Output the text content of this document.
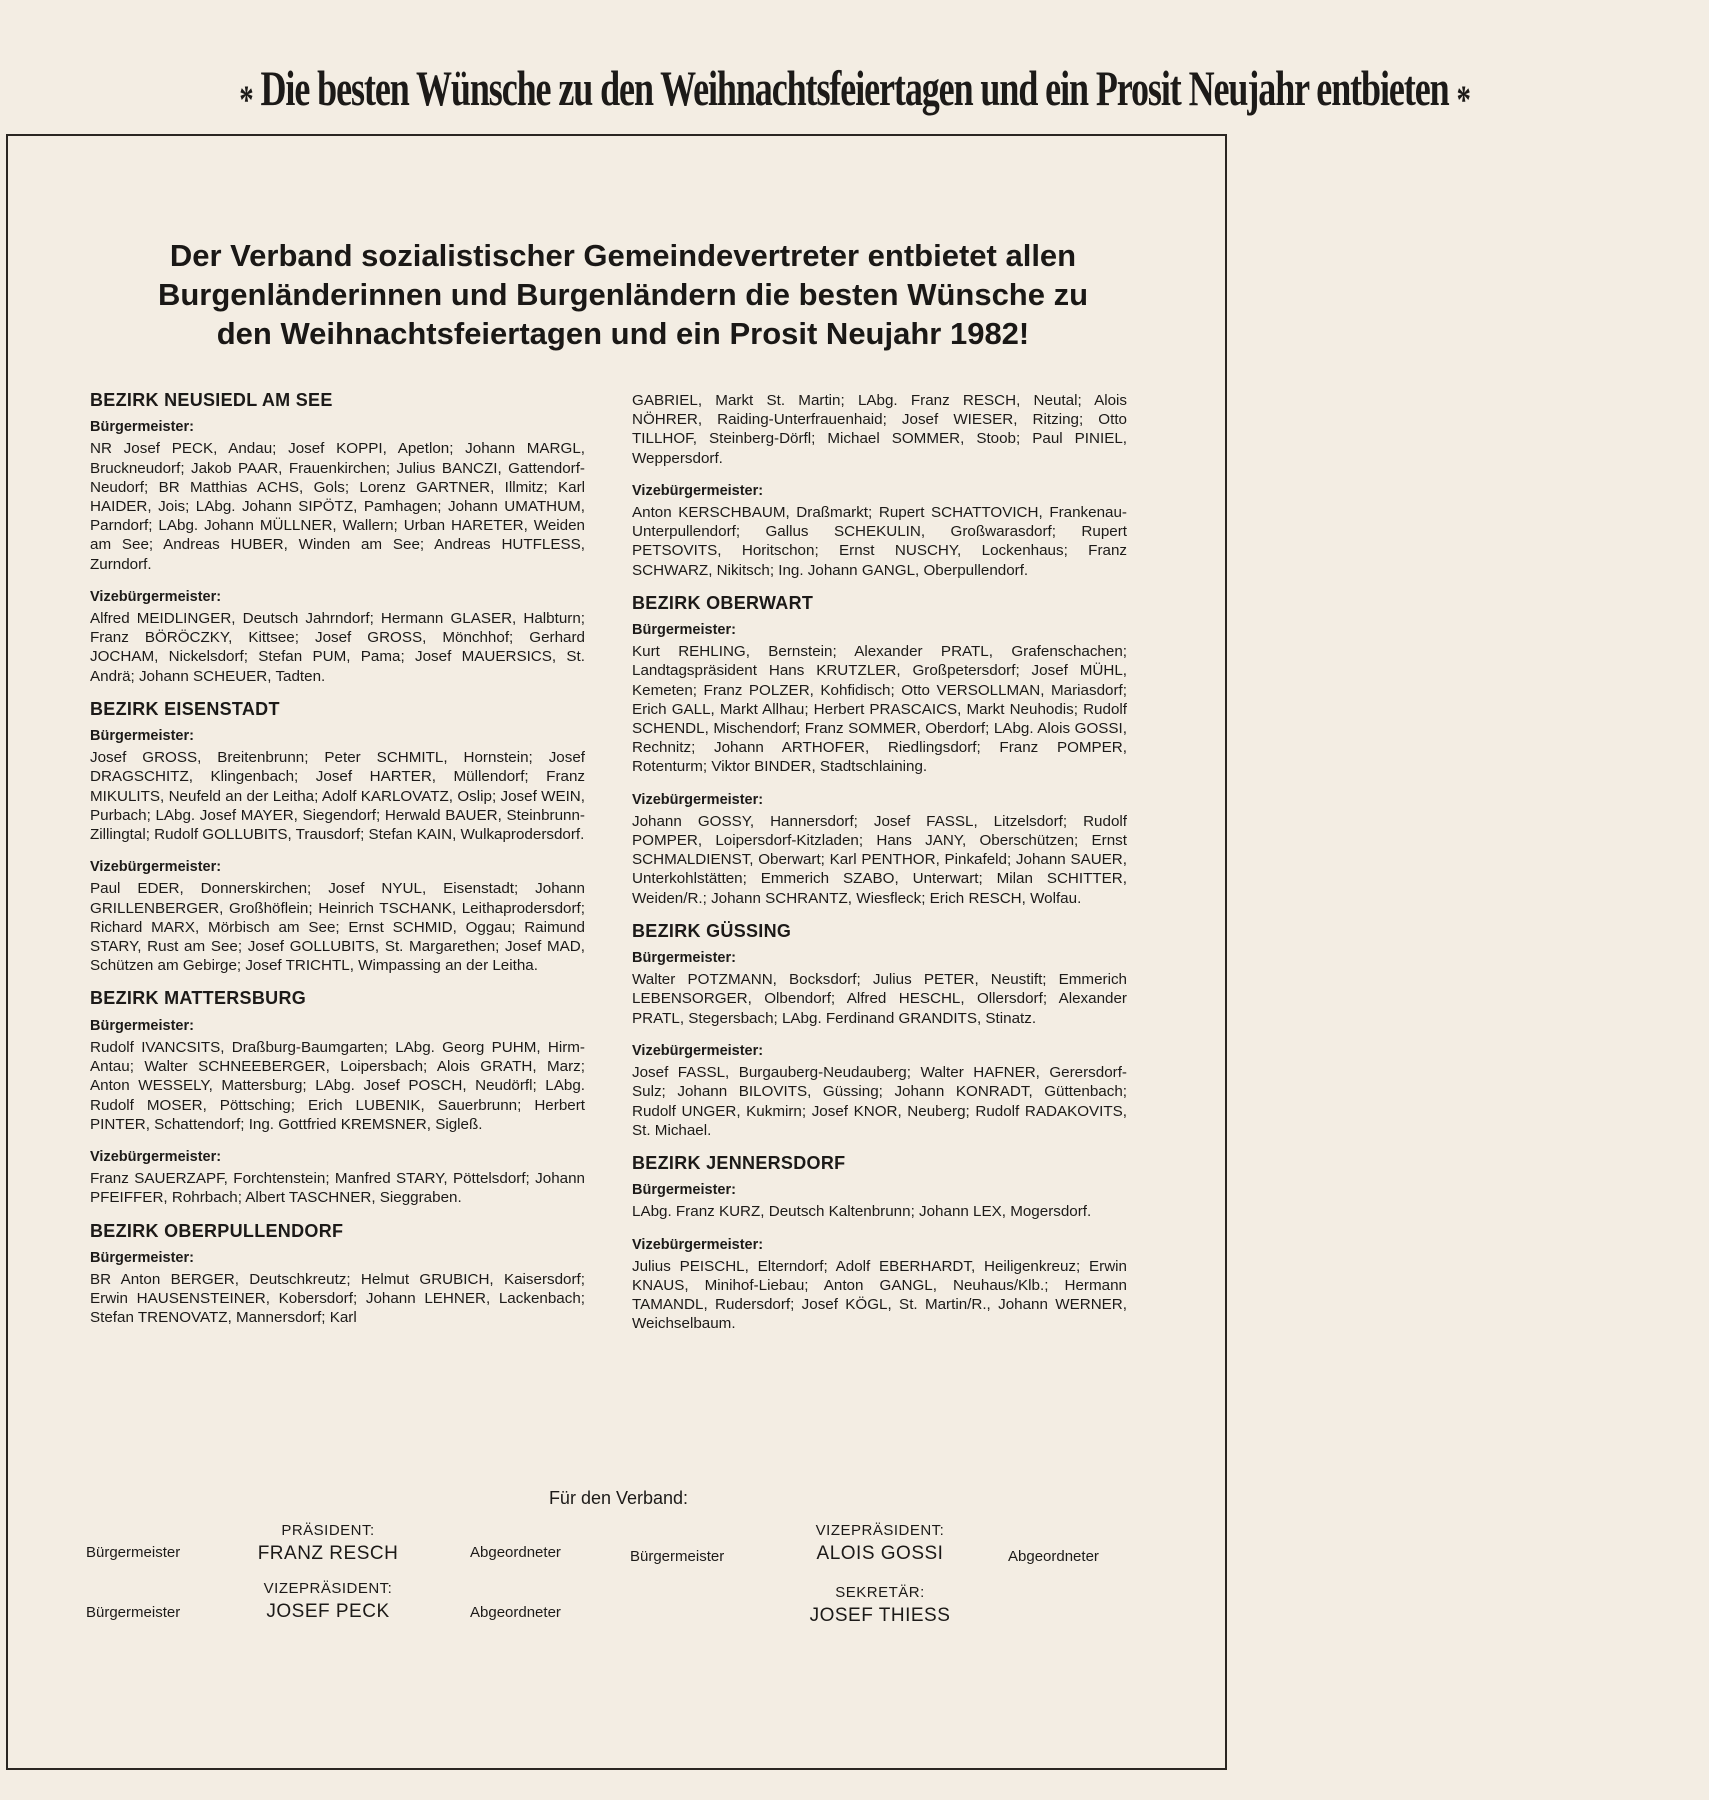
* Die besten Wünsche zu den Weihnachtsfeiertagen und ein Prosit Neujahr entbieten *
Der Verband sozialistischer Gemeindevertreter entbietet allen
Burgenländerinnen und Burgenländern die besten Wünsche zu
den Weihnachtsfeiertagen und ein Prosit Neujahr 1982!
BEZIRK NEUSIEDL AM SEE
Bürgermeister:
NR Josef PECK, Andau; Josef KOPPI, Apetlon; Johann MARGL, Bruckneudorf; Jakob PAAR, Frauenkirchen; Julius BANCZI, Gattendorf-Neudorf; BR Matthias ACHS, Gols; Lorenz GARTNER, Illmitz; Karl HAIDER, Jois; LAbg. Johann SIPÖTZ, Pamhagen; Johann UMATHUM, Parndorf; LAbg. Johann MÜLLNER, Wallern; Urban HARETER, Weiden am See; Andreas HUBER, Winden am See; Andreas HUTFLESS, Zurndorf.
Vizebürgermeister:
Alfred MEIDLINGER, Deutsch Jahrndorf; Hermann GLASER, Halbturn; Franz BÖRÖCZKY, Kittsee; Josef GROSS, Mönchhof; Gerhard JOCHAM, Nickelsdorf; Stefan PUM, Pama; Josef MAUERSICS, St. Andrä; Johann SCHEUER, Tadten.
BEZIRK EISENSTADT
Bürgermeister:
Josef GROSS, Breitenbrunn; Peter SCHMITL, Hornstein; Josef DRAGSCHITZ, Klingenbach; Josef HARTER, Müllendorf; Franz MIKULITS, Neufeld an der Leitha; Adolf KARLOVATZ, Oslip; Josef WEIN, Purbach; LAbg. Josef MAYER, Siegendorf; Herwald BAUER, Steinbrunn-Zillingtal; Rudolf GOLLUBITS, Trausdorf; Stefan KAIN, Wulkaprodersdorf.
Vizebürgermeister:
Paul EDER, Donnerskirchen; Josef NYUL, Eisenstadt; Johann GRILLENBERGER, Großhöflein; Heinrich TSCHANK, Leithaprodersdorf; Richard MARX, Mörbisch am See; Ernst SCHMID, Oggau; Raimund STARY, Rust am See; Josef GOLLUBITS, St. Margarethen; Josef MAD, Schützen am Gebirge; Josef TRICHTL, Wimpassing an der Leitha.
BEZIRK MATTERSBURG
Bürgermeister:
Rudolf IVANCSITS, Draßburg-Baumgarten; LAbg. Georg PUHM, Hirm-Antau; Walter SCHNEEBERGER, Loipersbach; Alois GRATH, Marz; Anton WESSELY, Mattersburg; LAbg. Josef POSCH, Neudörfl; LAbg. Rudolf MOSER, Pöttsching; Erich LUBENIK, Sauerbrunn; Herbert PINTER, Schattendorf; Ing. Gottfried KREMSNER, Sigleß.
Vizebürgermeister:
Franz SAUERZAPF, Forchtenstein; Manfred STARY, Pöttelsdorf; Johann PFEIFFER, Rohrbach; Albert TASCHNER, Sieggraben.
BEZIRK OBERPULLENDORF
Bürgermeister:
BR Anton BERGER, Deutschkreutz; Helmut GRUBICH, Kaisersdorf; Erwin HAUSENSTEINER, Kobersdorf; Johann LEHNER, Lackenbach; Stefan TRENOVATZ, Mannersdorf; Karl
GABRIEL, Markt St. Martin; LAbg. Franz RESCH, Neutal; Alois NÖHRER, Raiding-Unterfrauenhaid; Josef WIESER, Ritzing; Otto TILLHOF, Steinberg-Dörfl; Michael SOMMER, Stoob; Paul PINIEL, Weppersdorf.
Vizebürgermeister:
Anton KERSCHBAUM, Draßmarkt; Rupert SCHATTOVICH, Frankenau-Unterpullendorf; Gallus SCHEKULIN, Großwarasdorf; Rupert PETSOVITS, Horitschon; Ernst NUSCHY, Lockenhaus; Franz SCHWARZ, Nikitsch; Ing. Johann GANGL, Oberpullendorf.
BEZIRK OBERWART
Bürgermeister:
Kurt REHLING, Bernstein; Alexander PRATL, Grafenschachen; Landtagspräsident Hans KRUTZLER, Großpetersdorf; Josef MÜHL, Kemeten; Franz POLZER, Kohfidisch; Otto VERSOLLMAN, Mariasdorf; Erich GALL, Markt Allhau; Herbert PRASCAICS, Markt Neuhodis; Rudolf SCHENDL, Mischendorf; Franz SOMMER, Oberdorf; LAbg. Alois GOSSI, Rechnitz; Johann ARTHOFER, Riedlingsdorf; Franz POMPER, Rotenturm; Viktor BINDER, Stadtschlaining.
Vizebürgermeister:
Johann GOSSY, Hannersdorf; Josef FASSL, Litzelsdorf; Rudolf POMPER, Loipersdorf-Kitzladen; Hans JANY, Oberschützen; Ernst SCHMALDIENST, Oberwart; Karl PENTHOR, Pinkafeld; Johann SAUER, Unterkohlstätten; Emmerich SZABO, Unterwart; Milan SCHITTER, Weiden/R.; Johann SCHRANTZ, Wiesfleck; Erich RESCH, Wolfau.
BEZIRK GÜSSING
Bürgermeister:
Walter POTZMANN, Bocksdorf; Julius PETER, Neustift; Emmerich LEBENSORGER, Olbendorf; Alfred HESCHL, Ollersdorf; Alexander PRATL, Stegersbach; LAbg. Ferdinand GRANDITS, Stinatz.
Vizebürgermeister:
Josef FASSL, Burgauberg-Neudauberg; Walter HAFNER, Gerersdorf-Sulz; Johann BILOVITS, Güssing; Johann KONRADT, Güttenbach; Rudolf UNGER, Kukmirn; Josef KNOR, Neuberg; Rudolf RADAKOVITS, St. Michael.
BEZIRK JENNERSDORF
Bürgermeister:
LAbg. Franz KURZ, Deutsch Kaltenbrunn; Johann LEX, Mogersdorf.
Vizebürgermeister:
Julius PEISCHL, Elterndorf; Adolf EBERHARDT, Heiligenkreuz; Erwin KNAUS, Minihof-Liebau; Anton GANGL, Neuhaus/Klb.; Hermann TAMANDL, Rudersdorf; Josef KÖGL, St. Martin/R., Johann WERNER, Weichselbaum.
Für den Verband:
Bürgermeister
PRÄSIDENT:
FRANZ RESCH	Abgeordneter	Bürgermeister
VIZEPRÄSIDENT:
ALOIS GOSSI	Abgeordneter
Bürgermeister
VIZEPRÄSIDENT:
JOSEF PECK	Abgeordneter
SEKRETÄR:
JOSEF THIESS
